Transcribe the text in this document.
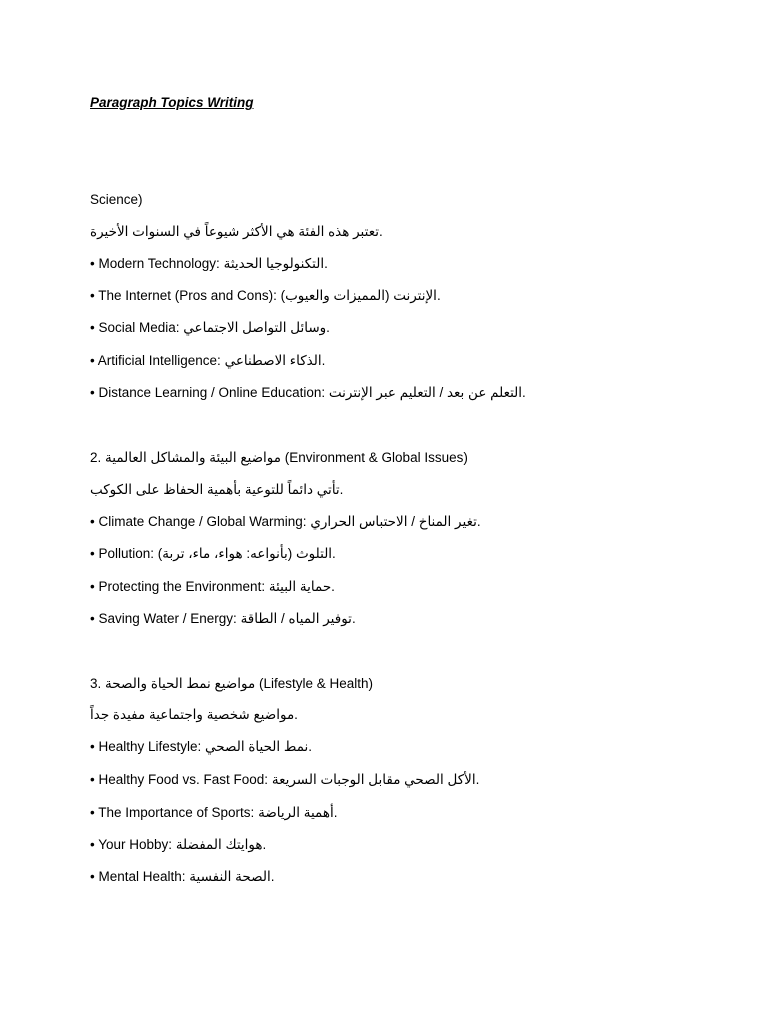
Paragraph Topics Writing
Science)
.تعتبر هذه الفئة هي الأكثر شيوعاً في السنوات الأخيرة
• Modern Technology: .التكنولوجيا الحديثة
• The Internet (Pros and Cons): .الإنترنت (المميزات والعيوب)
• Social Media: .وسائل التواصل الاجتماعي
• Artificial Intelligence: .الذكاء الاصطناعي
• Distance Learning / Online Education: .التعلم عن بعد / التعليم عبر الإنترنت
2. مواضيع البيئة والمشاكل العالمية (Environment & Global Issues)
.تأتي دائماً للتوعية بأهمية الحفاظ على الكوكب
• Climate Change / Global Warming: .تغير المناخ / الاحتباس الحراري
• Pollution: .التلوث (بأنواعه: هواء، ماء، تربة)
• Protecting the Environment: .حماية البيئة
• Saving Water / Energy: .توفير المياه / الطاقة
3. مواضيع نمط الحياة والصحة (Lifestyle & Health)
.مواضيع شخصية واجتماعية مفيدة جداً
• Healthy Lifestyle: .نمط الحياة الصحي
• Healthy Food vs. Fast Food: .الأكل الصحي مقابل الوجبات السريعة
• The Importance of Sports: .أهمية الرياضة
• Your Hobby: .هوايتك المفضلة
• Mental Health: .الصحة النفسية
